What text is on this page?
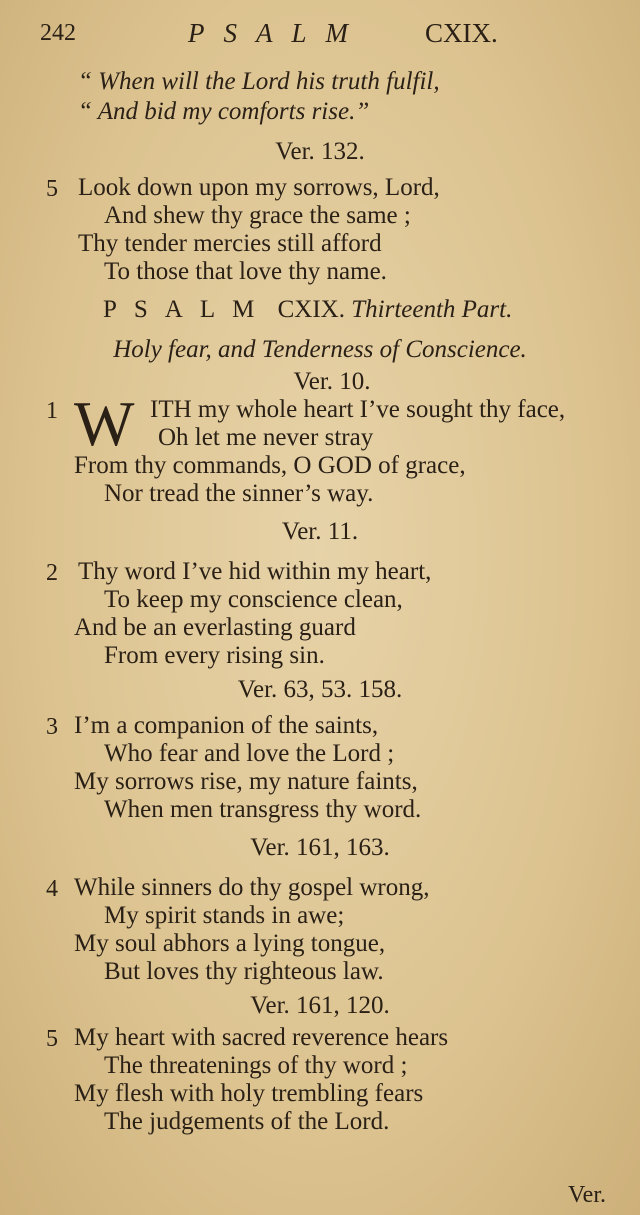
242	PSALM CXIX.
“ When will the Lord his truth fulfil,
“ And bid my comforts rise.”
Ver. 132.
5 Look down upon my sorrows, Lord,
And shew thy grace the same ;
Thy tender mercies still afford
To those that love thy name.
PSALM CXIX. Thirteenth Part.
Holy fear, and Tenderness of Conscience.
Ver. 10.
1 W ITH my whole heart I’ve sought thy face,
Oh let me never stray
From thy commands, O GOD of grace,
Nor tread the sinner’s way.
Ver. 11.
2 Thy word I’ve hid within my heart,
To keep my conscience clean,
And be an everlasting guard
From every rising sin.
Ver. 63, 53. 158.
3 I’m a companion of the saints,
Who fear and love the Lord ;
My sorrows rise, my nature faints,
When men transgress thy word.
Ver. 161, 163.
4 While sinners do thy gospel wrong,
My spirit stands in awe;
My soul abhors a lying tongue,
But loves thy righteous law.
Ver. 161, 120.
5 My heart with sacred reverence hears
The threatenings of thy word ;
My flesh with holy trembling fears
The judgements of the Lord.
Ver.
